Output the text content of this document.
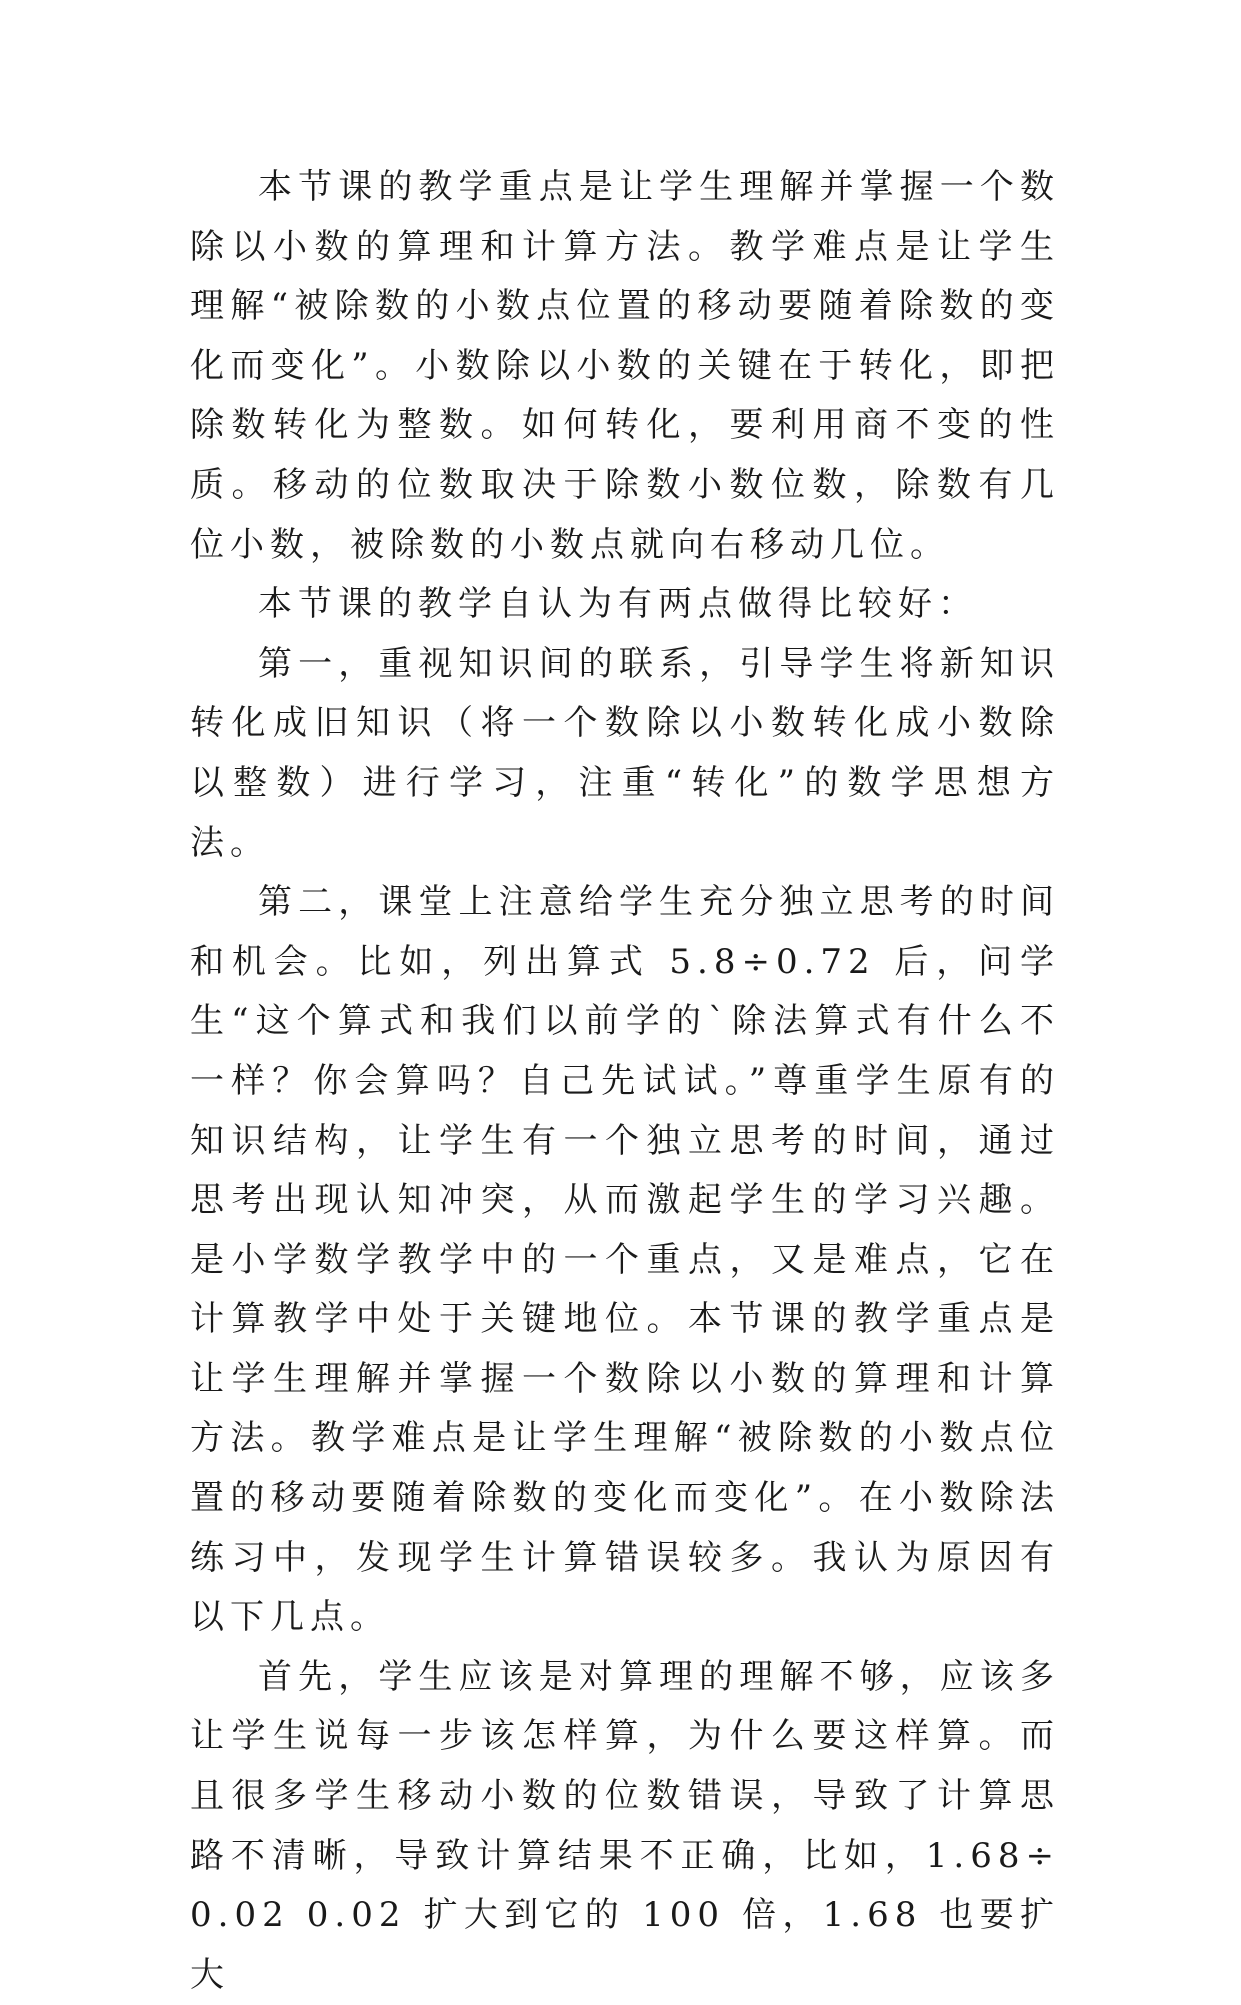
本节课的教学重点是让学生理解并掌握一个数除以小数的算理和计算方法。教学难点是让学生理解“被除数的小数点位置的移动要随着除数的变化而变化”。小数除以小数的关键在于转化，即把除数转化为整数。如何转化，要利用商不变的性质。移动的位数取决于除数小数位数，除数有几位小数，被除数的小数点就向右移动几位。

本节课的教学自认为有两点做得比较好：

第一，重视知识间的联系，引导学生将新知识转化成旧知识（将一个数除以小数转化成小数除以整数）进行学习，注重“转化”的数学思想方法。

第二，课堂上注意给学生充分独立思考的时间和机会。比如，列出算式 5.8÷0.72 后，问学生“这个算式和我们以前学的`除法算式有什么不一样？你会算吗？自己先试试。”尊重学生原有的知识结构，让学生有一个独立思考的时间，通过思考出现认知冲突，从而激起学生的学习兴趣。是小学数学教学中的一个重点，又是难点，它在计算教学中处于关键地位。本节课的教学重点是让学生理解并掌握一个数除以小数的算理和计算方法。教学难点是让学生理解“被除数的小数点位置的移动要随着除数的变化而变化”。在小数除法练习中，发现学生计算错误较多。我认为原因有以下几点。

首先，学生应该是对算理的理解不够，应该多让学生说每一步该怎样算，为什么要这样算。而且很多学生移动小数的位数错误，导致了计算思路不清晰，导致计算结果不正确，比如，1.68÷0.02 0.02 扩大到它的 100 倍，1.68 也要扩大
